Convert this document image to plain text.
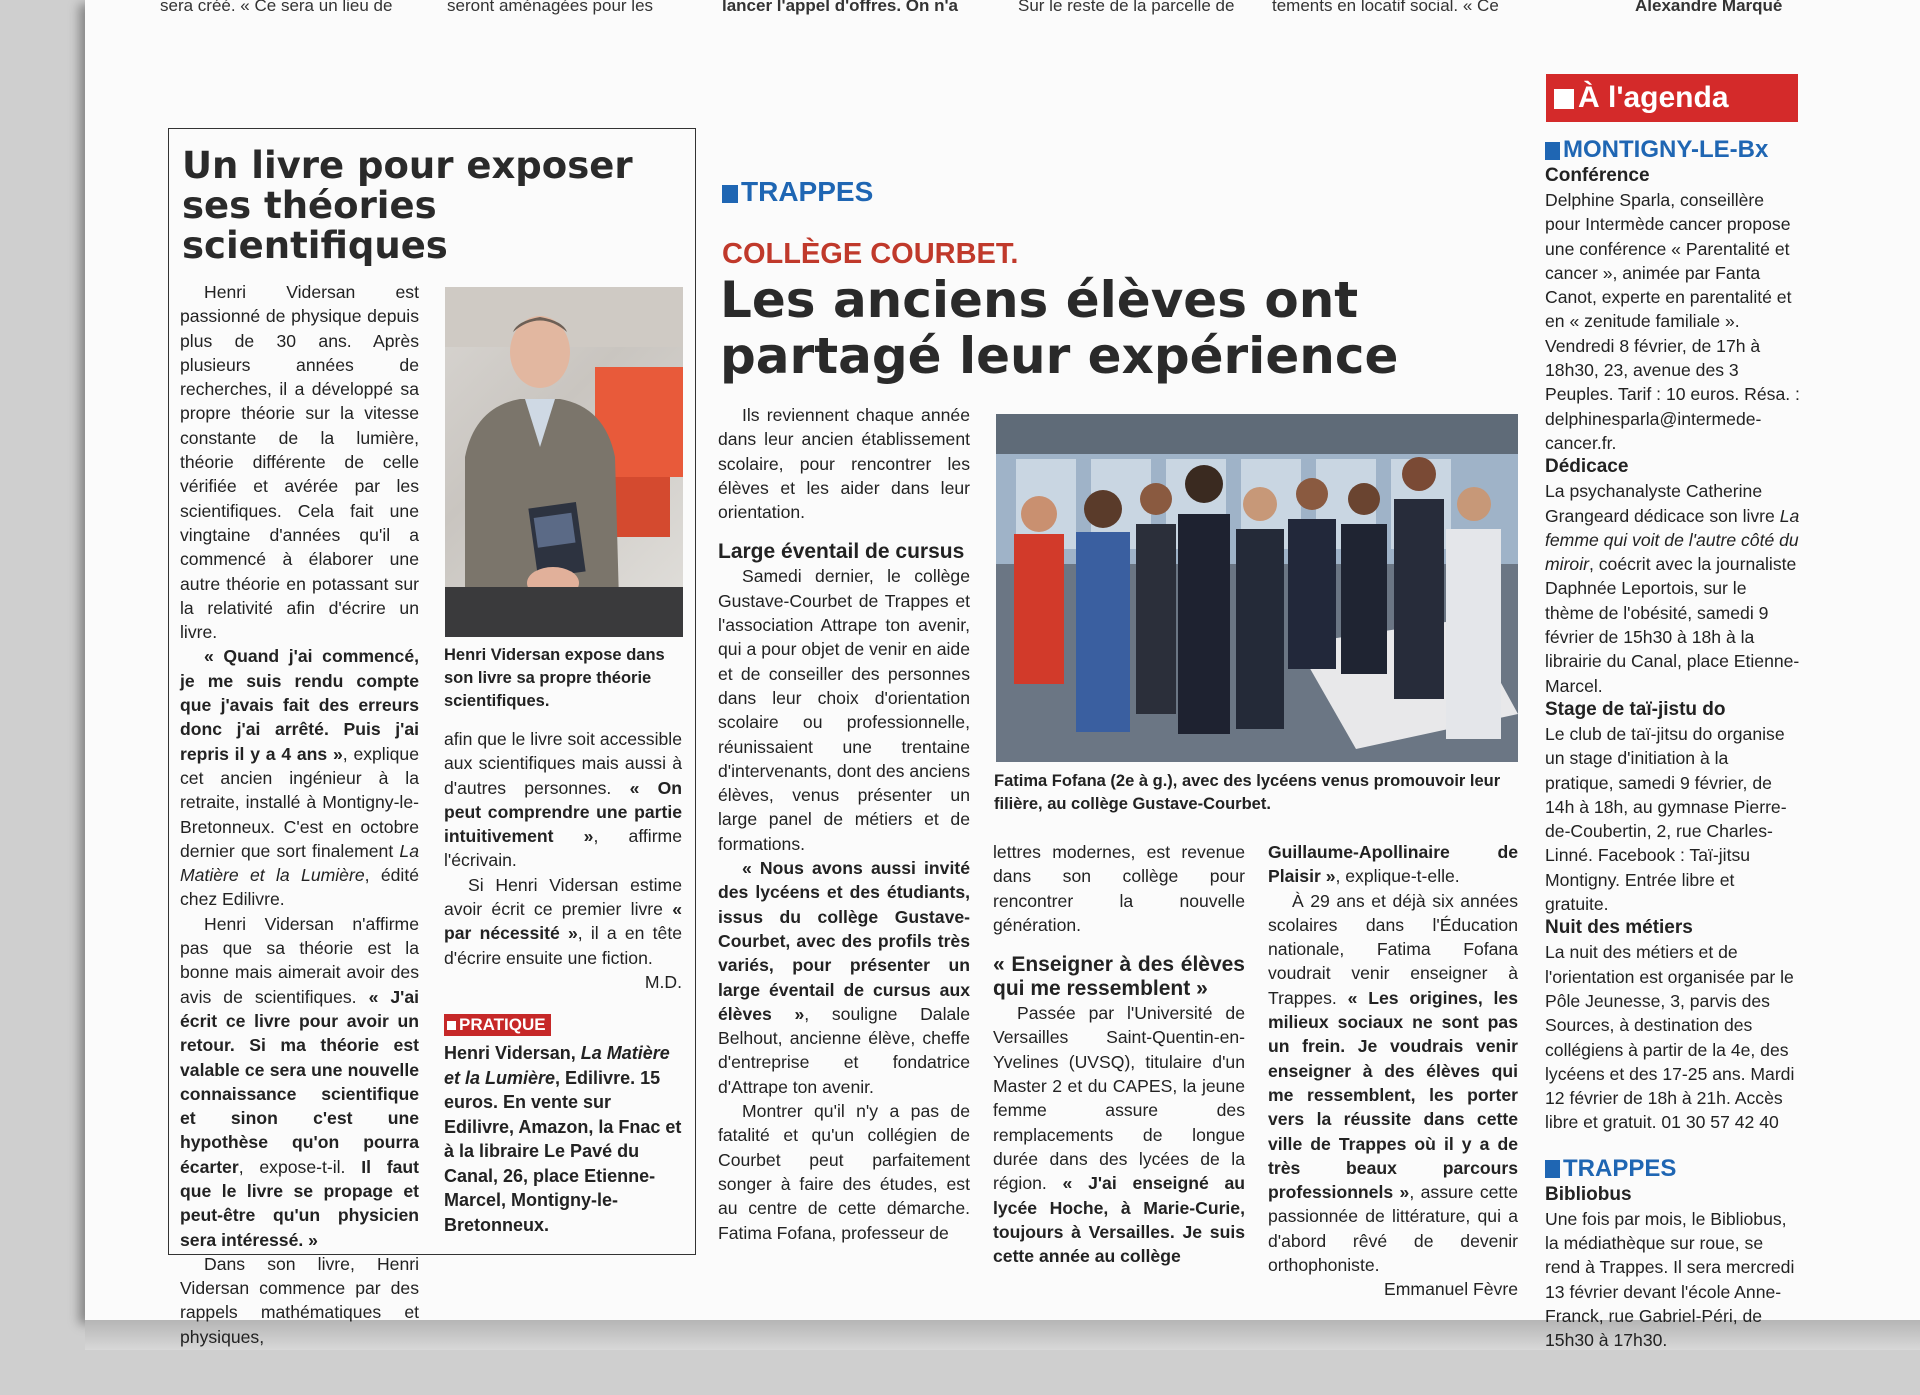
sera créé. « Ce sera un lieu de	seront aménagées pour les	lancer l'appel d'offres. On n'a	Sur le reste de la parcelle de tements en locatif social. « Ce	Alexandre Marqué
Un livre pour exposer ses théories scientifiques

Henri Vidersan est passionné de physique depuis plus de 30 ans. Après plusieurs années de recherches, il a développé sa propre théorie sur la vitesse constante de la lumière, théorie différente de celle vérifiée et avérée par les scientifiques. Cela fait une vingtaine d'années qu'il a commencé à élaborer une autre théorie en potassant sur la relativité afin d'écrire un livre.

« Quand j'ai commencé, je me suis rendu compte que j'avais fait des erreurs donc j'ai arrêté. Puis j'ai repris il y a 4 ans », explique cet ancien ingénieur à la retraite, installé à Montigny-le-Bretonneux. C'est en octobre dernier que sort finalement La Matière et la Lumière, édité chez Edilivre.

Henri Vidersan n'affirme pas que sa théorie est la bonne mais aimerait avoir des avis de scientifiques. « J'ai écrit ce livre pour avoir un retour. Si ma théorie est valable ce sera une nouvelle connaissance scientifique et sinon c'est une hypothèse qu'on pourra écarter, expose-t-il. Il faut que le livre se propage et peut-être qu'un physicien sera intéressé. »

Dans son livre, Henri Vidersan commence par des rappels mathématiques et physiques,

Henri Vidersan expose dans son livre sa propre théorie scientifiques.

afin que le livre soit accessible aux scientifiques mais aussi à d'autres personnes. « On peut comprendre une partie intuitivement », affirme l'écrivain.

Si Henri Vidersan estime avoir écrit ce premier livre « par nécessité », il a en tête d'écrire ensuite une fiction.

M.D.

PRATIQUE
Henri Vidersan, La Matière et la Lumière, Edilivre. 15 euros. En vente sur Edilivre, Amazon, la Fnac et à la libraire Le Pavé du Canal, 26, place Etienne-Marcel, Montigny-le-Bretonneux.
TRAPPES
COLLÈGE COURBET.
Les anciens élèves ont partagé leur expérience
Fatima Fofana (2e à g.), avec des lycéens venus promouvoir leur filière, au collège Gustave-Courbet.

Ils reviennent chaque année dans leur ancien établissement scolaire, pour rencontrer les élèves et les aider dans leur orientation.

Large éventail de cursus

Samedi dernier, le collège Gustave-Courbet de Trappes et l'association Attrape ton avenir, qui a pour objet de venir en aide et de conseiller des personnes dans leur choix d'orientation scolaire ou professionnelle, réunissaient une trentaine d'intervenants, dont des anciens élèves, venus présenter un large panel de métiers et de formations.

« Nous avons aussi invité des lycéens et des étudiants, issus du collège Gustave-Courbet, avec des profils très variés, pour présenter un large éventail de cursus aux élèves », souligne Dalale Belhout, ancienne élève, cheffe d'entreprise et fondatrice d'Attrape ton avenir.

Montrer qu'il n'y a pas de fatalité et qu'un collégien de Courbet peut parfaitement songer à faire des études, est au centre de cette démarche. Fatima Fofana, professeur de

lettres modernes, est revenue dans son collège pour rencontrer la nouvelle génération.

« Enseigner à des élèves qui me ressemblent »

Passée par l'Université de Versailles Saint-Quentin-en-Yvelines (UVSQ), titulaire d'un Master 2 et du CAPES, la jeune femme assure des remplacements de longue durée dans des lycées de la région. « J'ai enseigné au lycée Hoche, à Marie-Curie, toujours à Versailles. Je suis cette année au collège

Guillaume-Apollinaire de Plaisir », explique-t-elle.

À 29 ans et déjà six années scolaires dans l'Éducation nationale, Fatima Fofana voudrait venir enseigner à Trappes. « Les origines, les milieux sociaux ne sont pas un frein. Je voudrais venir enseigner à des élèves qui me ressemblent, les porter vers la réussite dans cette ville de Trappes où il y a de très beaux parcours professionnels », assure cette passionnée de littérature, qui a d'abord rêvé de devenir orthophoniste.

Emmanuel Fèvre

À l'agenda
MONTIGNY-LE-Bx
Conférence

Delphine Sparla, conseillère pour Intermède cancer propose une conférence « Parentalité et cancer », animée par Fanta Canot, experte en parentalité et en « zenitude familiale ». Vendredi 8 février, de 17h à 18h30, 23, avenue des 3 Peuples. Tarif : 10 euros. Résa. : delphinesparla@intermede-cancer.fr.

Dédicace

La psychanalyste Catherine Grangeard dédicace son livre La femme qui voit de l'autre côté du miroir, coécrit avec la journaliste Daphnée Leportois, sur le thème de l'obésité, samedi 9 février de 15h30 à 18h à la librairie du Canal, place Etienne-Marcel.

Stage de taï-jistu do

Le club de taï-jitsu do organise un stage d'initiation à la pratique, samedi 9 février, de 14h à 18h, au gymnase Pierre-de-Coubertin, 2, rue Charles-Linné. Facebook : Taï-jitsu Montigny. Entrée libre et gratuite.

Nuit des métiers

La nuit des métiers et de l'orientation est organisée par le Pôle Jeunesse, 3, parvis des Sources, à destination des collégiens à partir de la 4e, des lycéens et des 17-25 ans. Mardi 12 février de 18h à 21h. Accès libre et gratuit. 01 30 57 42 40

TRAPPES
Bibliobus

Une fois par mois, le Bibliobus, la médiathèque sur roue, se rend à Trappes. Il sera mercredi 13 février devant l'école Anne-Franck, rue Gabriel-Péri, de 15h30 à 17h30.
